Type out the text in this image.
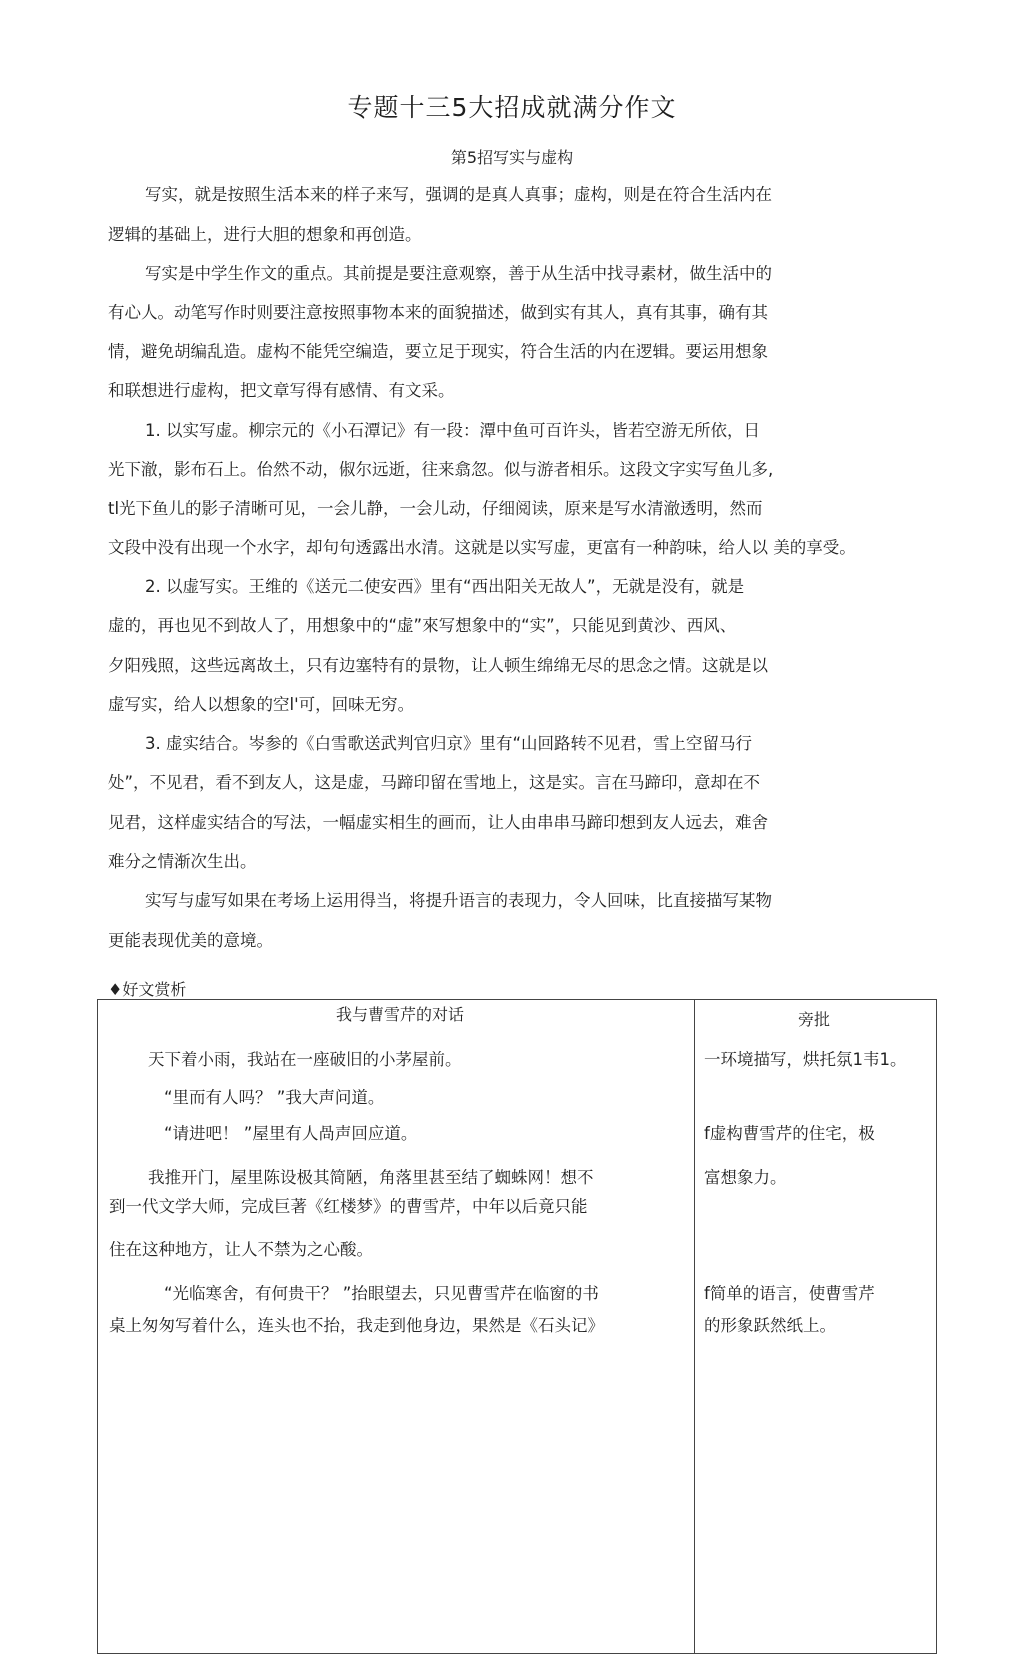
专题十三5大招成就满分作文
第5招写实与虚构
写实，就是按照生活本来的样子来写，强调的是真人真事；虚构，则是在符合生活内在
逻辑的基础上，进行大胆的想象和再创造。
写实是中学生作文的重点。其前提是要注意观察，善于从生活中找寻素材，做生活中的
有心人。动笔写作时则要注意按照事物本来的面貌描述，做到实有其人，真有其事，确有其
情，避免胡编乱造。虚构不能凭空编造，要立足于现实，符合生活的内在逻辑。要运用想象
和联想进行虚构，把文章写得有感情、有文采。
1. 以实写虚。柳宗元的《小石潭记》有一段：潭中鱼可百许头，皆若空游无所依，日
光下澈，影布石上。佁然不动，俶尔远逝，往来翕忽。似与游者相乐。这段文字实写鱼儿多,
tl光下鱼儿的影子清晰可见，一会儿静，一会儿动，仔细阅读，原来是写水清澈透明，然而
文段中没有出现一个水字，却句句透露出水清。这就是以实写虚，更富有一种韵味，给人以 美的享受。
2. 以虚写实。王维的《送元二使安西》里有“西出阳关无故人”，无就是没有，就是
虚的，再也见不到故人了，用想象中的“虚”來写想象中的“实”，只能见到黄沙、西风、
夕阳残照，这些远离故土，只有边塞特有的景物，让人顿生绵绵无尽的思念之情。这就是以
虚写实，给人以想象的空l'可，回味无穷。
3. 虚实结合。岑参的《白雪歌送武判官归京》里有“山回路转不见君，雪上空留马行
处”，不见君，看不到友人，这是虚，马蹄印留在雪地上，这是实。言在马蹄印，意却在不
见君，这样虚实结合的写法，一幅虚实相生的画而，让人由串串马蹄印想到友人远去，难舍
难分之情渐次生出。
实写与虚写如果在考场上运用得当，将提升语言的表现力，令人回味，比直接描写某物
更能表现优美的意境。
♦好文赏析
我与曹雪芹的对话	旁批
天下着小雨，我站在一座破旧的小茅屋前。
“里而有人吗？ ”我大声问道。
“请进吧！ ”屋里有人咼声回应道。
我推开门，屋里陈设极其简陋，角落里甚至结了蜘蛛网！想不
到一代文学大师，完成巨著《红楼梦》的曹雪芹，中年以后竟只能
住在这种地方，让人不禁为之心酸。
“光临寒舍，有何贵干？ ”抬眼望去，只见曹雪芹在临窗的书
桌上匆匆写着什么，连头也不抬，我走到他身边，果然是《石头记》
一环境描写，烘托氛1韦1。
f虚构曹雪芹的住宅，极
富想象力。
f简单的语言，使曹雪芹
的形象跃然纸上。
